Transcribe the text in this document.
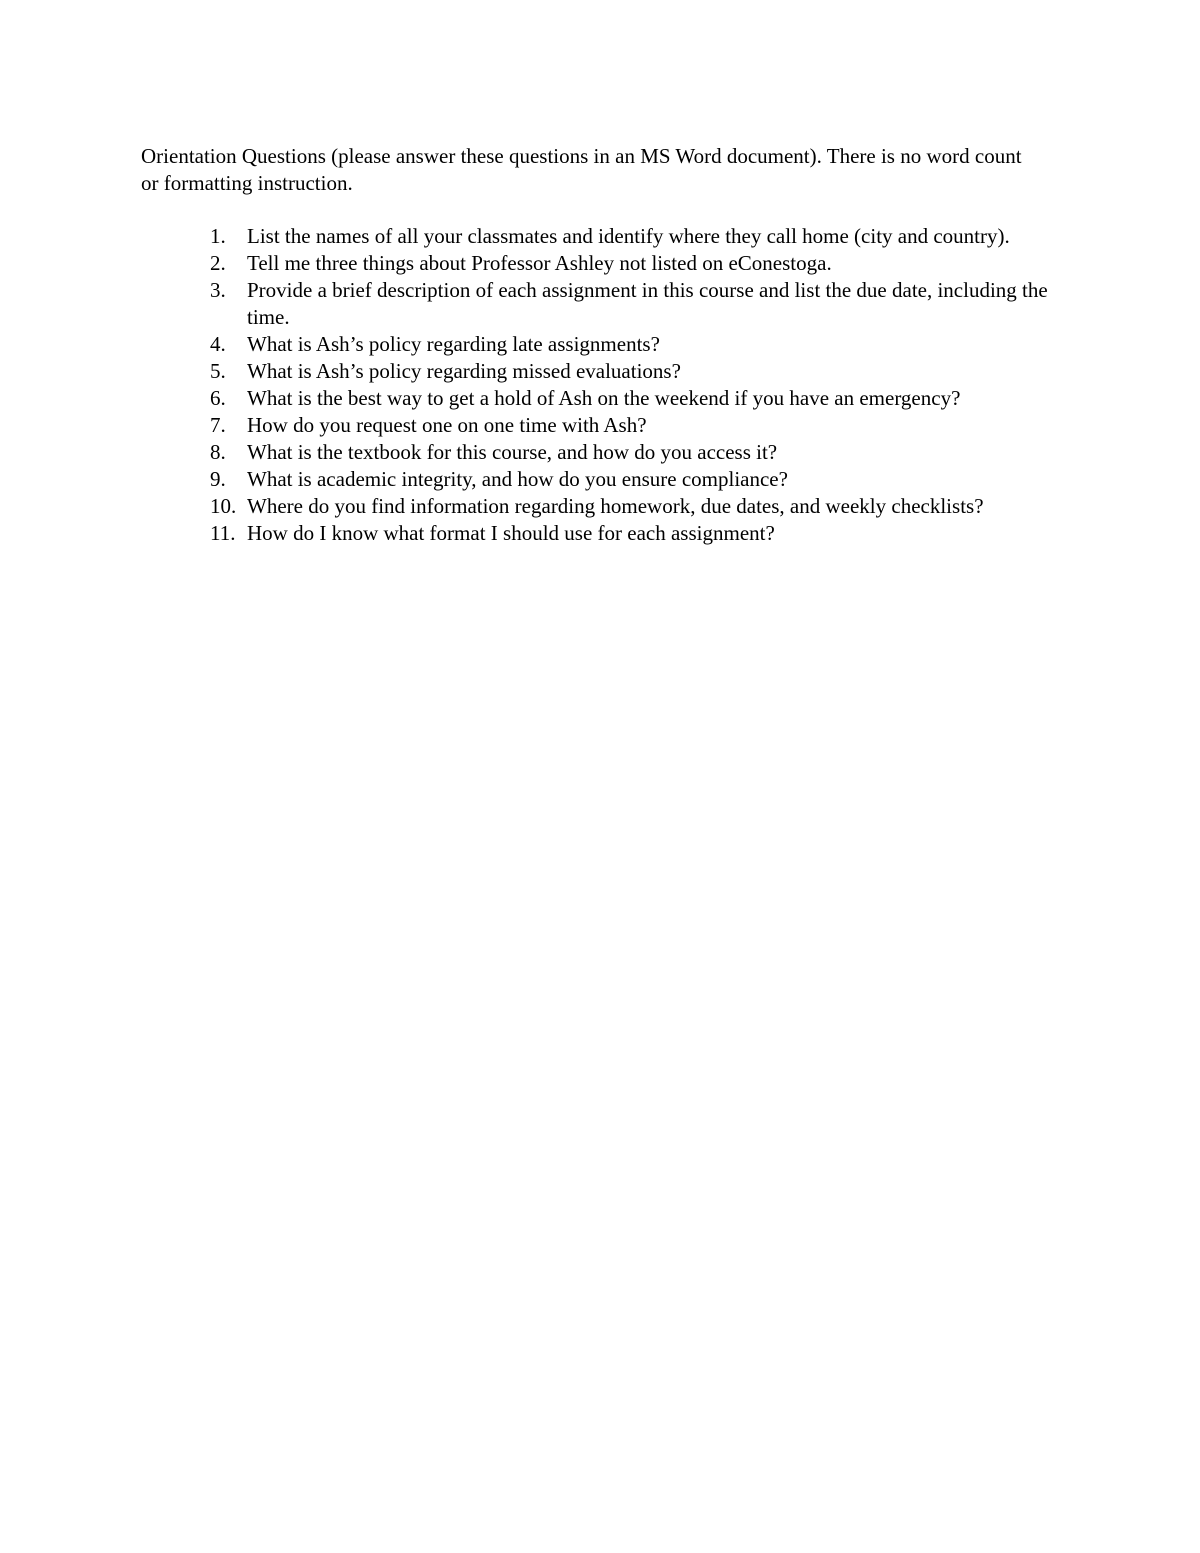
Orientation Questions (please answer these questions in an MS Word document). There is no word count or formatting instruction.

1.	List the names of all your classmates and identify where they call home (city and country).
2.	Tell me three things about Professor Ashley not listed on eConestoga.
3.	Provide a brief description of each assignment in this course and list the due date, including the time.
4.	What is Ash’s policy regarding late assignments?
5.	What is Ash’s policy regarding missed evaluations?
6.	What is the best way to get a hold of Ash on the weekend if you have an emergency?
7.	How do you request one on one time with Ash?
8.	What is the textbook for this course, and how do you access it?
9.	What is academic integrity, and how do you ensure compliance?
10. Where do you find information regarding homework, due dates, and weekly checklists?
11. How do I know what format I should use for each assignment?
